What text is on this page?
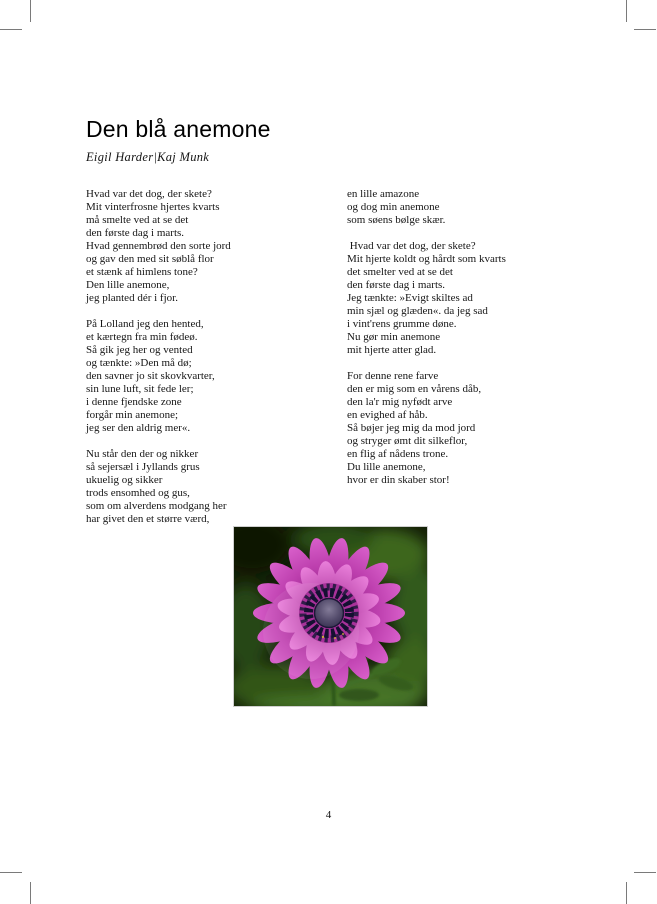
Den blå anemone
Eigil Harder|Kaj Munk
Hvad var det dog, der skete?
Mit vinterfrosne hjertes kvarts
må smelte ved at se det
den første dag i marts.
Hvad gennembrød den sorte jord
og gav den med sit søblå flor
et stænk af himlens tone?
Den lille anemone,
jeg planted dér i fjor.
På Lolland jeg den hented,
et kærtegn fra min fødeø.
Så gik jeg her og vented
og tænkte: »Den må dø;
den savner jo sit skovkvarter,
sin lune luft, sit fede ler;
i denne fjendske zone
forgår min anemone;
jeg ser den aldrig mer«.
Nu står den der og nikker
så sejersæl i Jyllands grus
ukuelig og sikker
trods ensomhed og gus,
som om alverdens modgang her
har givet den et større værd,
en lille amazone
og dog min anemone
som søens bølge skær.
Hvad var det dog, der skete?
Mit hjerte koldt og hårdt som kvarts
det smelter ved at se det
den første dag i marts.
Jeg tænkte: »Evigt skiltes ad
min sjæl og glæden«. da jeg sad
i vint'rens grumme døne.
Nu gør min anemone
mit hjerte atter glad.
For denne rene farve
den er mig som en vårens dåb,
den la'r mig nyfødt arve
en evighed af håb.
Så bøjer jeg mig da mod jord
og stryger ømt dit silkeflor,
en flig af nådens trone.
Du lille anemone,
hvor er din skaber stor!
4
